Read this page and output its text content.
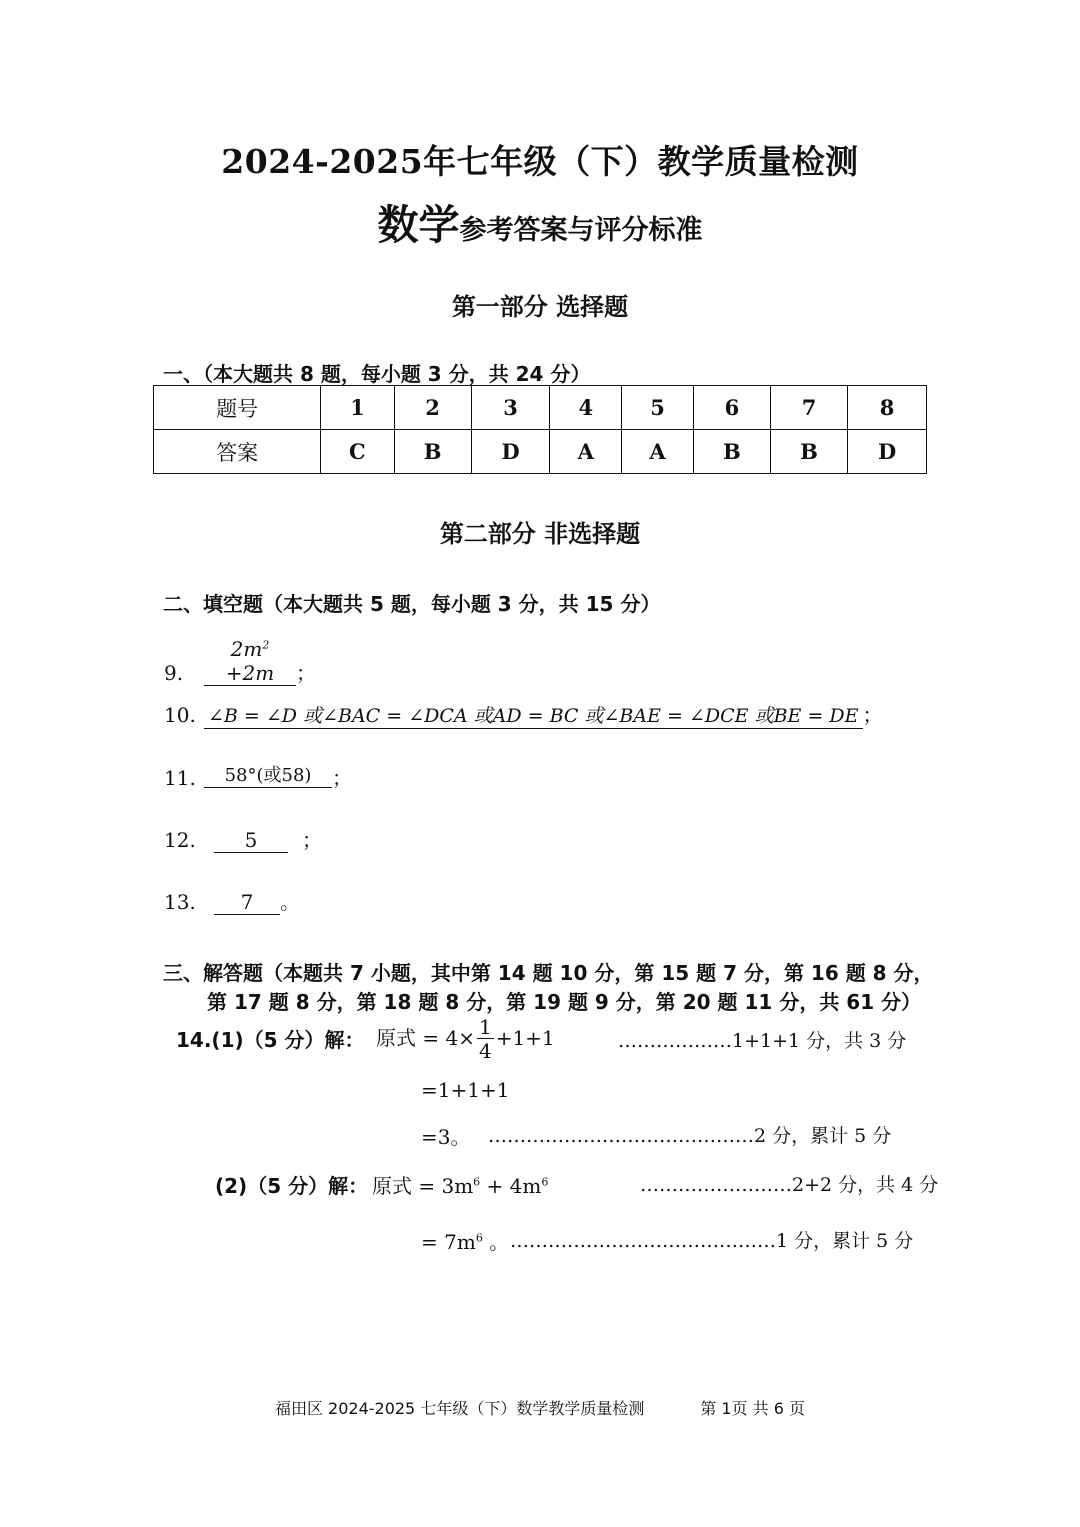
2024-2025年七年级（下）教学质量检测
数学参考答案与评分标准
第一部分 选择题
一、（本大题共 8 题，每小题 3 分，共 24 分）
题号	1	2	3	4	5	6	7	8
答案	C	B	D	A	A	B	B	D
第二部分 非选择题
二、填空题（本大题共 5 题，每小题 3 分，共 15 分）
$9.2m^2 +2m$ ；
10. ∠B = ∠D 或∠BAC = ∠DCA 或AD = BC 或∠BAE = ∠DCE 或BE = DE ；
11. 58°(或58) ；
12. 5 ；
13. 7 。
三、解答题（本题共 7 小题，其中第 14 题 10 分，第 15 题 7 分，第 16 题 8 分，
第 17 题 8 分，第 18 题 8 分，第 19 题 9 分，第 20 题 11 分，共 61 分）
14.(1)（5 分）解： 原式 = $4\times \frac{1}{4} +1+1$	………………1+1+1 分，共 3 分
=1+1+1
=3。 ……………………………………2 分，累计 5 分
(2)（5 分）解： 原式 = $3m^6 + 4m^6$	……………………2+2 分，共 4 分
= $7m^6$ 。 ……………………………………1 分，累计 5 分
福田区 2024-2025 七年级（下）数学教学质量检测	第 1页 共 6 页
